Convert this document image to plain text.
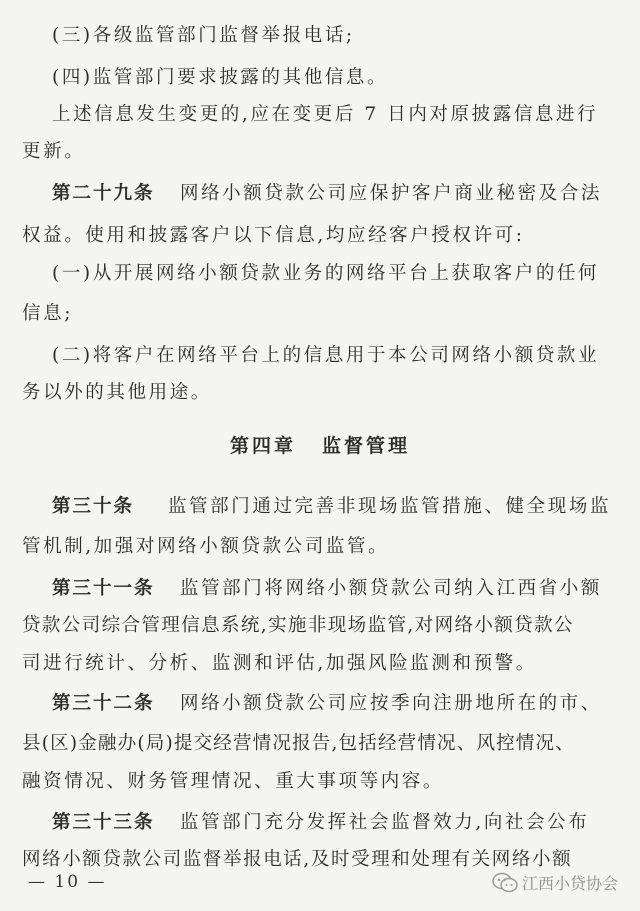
(三)各级监管部门监督举报电话;
(四)监管部门要求披露的其他信息。
上述信息发生变更的,应在变更后 7 日内对原披露信息进行
更新。
第二十九条 网络小额贷款公司应保护客户商业秘密及合法
权益。使用和披露客户以下信息,均应经客户授权许可:
(一)从开展网络小额贷款业务的网络平台上获取客户的任何
信息;
(二)将客户在网络平台上的信息用于本公司网络小额贷款业
务以外的其他用途。
第四章 监督管理
第三十条 监管部门通过完善非现场监管措施、健全现场监
管机制,加强对网络小额贷款公司监管。
第三十一条 监管部门将网络小额贷款公司纳入江西省小额
贷款公司综合管理信息系统,实施非现场监管,对网络小额贷款公
司进行统计、分析、监测和评估,加强风险监测和预警。
第三十二条 网络小额贷款公司应按季向注册地所在的市、
县(区)金融办(局)提交经营情况报告,包括经营情况、风控情况、
融资情况、财务管理情况、重大事项等内容。
第三十三条 监管部门充分发挥社会监督效力,向社会公布
网络小额贷款公司监督举报电话,及时受理和处理有关网络小额
— 10 —	江西小贷协会
